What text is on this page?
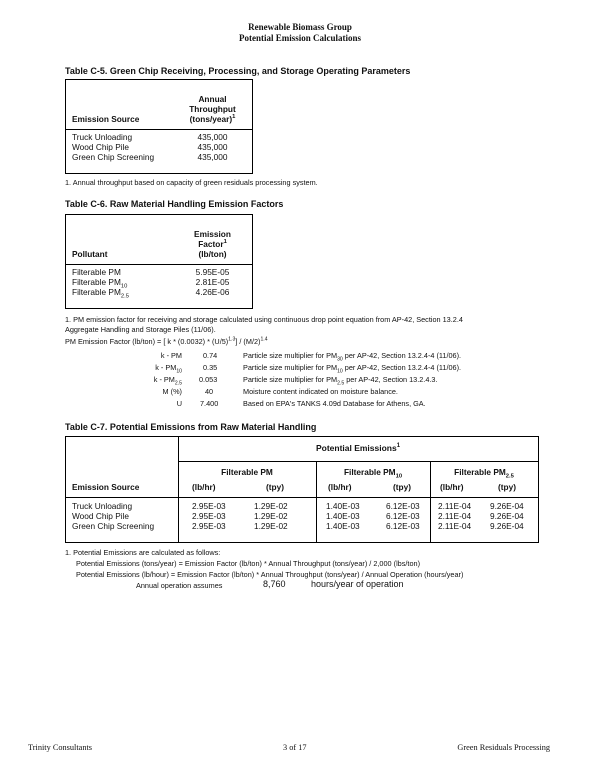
Renewable Biomass Group
Potential Emission Calculations
Table C-5. Green Chip Receiving, Processing, and Storage Operating Parameters
Emission Source	Annual
Throughput
(tons/year)$^1$

Truck Unloading	435,000
Wood Chip Pile	435,000
Green Chip Screening	435,000
1. Annual throughput based on capacity of green residuals processing system.
Table C-6. Raw Material Handling Emission Factors
Pollutant	Emission
Factor$^1$
(lb/ton)

Filterable PM	5.95E-05
Filterable $PM_{10}$	2.81E-05
Filterable $PM_{2.5}$	4.26E-06
1. PM emission factor for receiving and storage calculated using continuous drop point equation from AP-42, Section 13.2.4
Aggregate Handling and Storage Piles (11/06).
PM Emission Factor (lb/ton) = [ k * $(0.0032) * (U/5)^{1.3}] / (M/2)^{1.4}$
k - PM	0.74	Particle size multiplier for $PM_{30}$ per AP-42, Section 13.2.4-4 (11/06).
k - $PM_{10}$	0.35	Particle size multiplier for $PM_{10}$ per AP-42, Section 13.2.4-4 (11/06).
k - $PM_{2.5}$ 0.053	Particle size multiplier for $PM_{2.5}$ per AP-42, Section 13.2.4.3.
M (%)	40	Moisture content indicated on moisture balance.
U 7.400	Based on EPA's TANKS 4.09d Database for Athens, GA.
Table C-7. Potential Emissions from Raw Material Handling
Potential Emissions$^1$
Emission Source
Filterable PM	Filterable $PM_{10}$	Filterable $PM_{2.5}$
(lb/hr)	(tpy)	(lb/hr)	(tpy)	(lb/hr)	(tpy)
Truck Unloading	2.95E-03	1.29E-02	1.40E-03	6.12E-03	2.11E-04	9.26E-04
Wood Chip Pile	2.95E-03	1.29E-02	1.40E-03	6.12E-03	2.11E-04	9.26E-04
Green Chip Screening	2.95E-03	1.29E-02	1.40E-03	6.12E-03	2.11E-04	9.26E-04
1. Potential Emissions are calculated as follows:
Potential Emissions (tons/year) = Emission Factor (lb/ton) * Annual Throughput (tons/year) / 2,000 (lbs/ton)
Potential Emissions (lb/hour) = Emission Factor (lb/ton) * Annual Throughput (tons/year) / Annual Operation (hours/year)
Annual operation assumes	8,760	hours/year of operation
Trinity Consultants	3 of 17	Green Residuals Processing
